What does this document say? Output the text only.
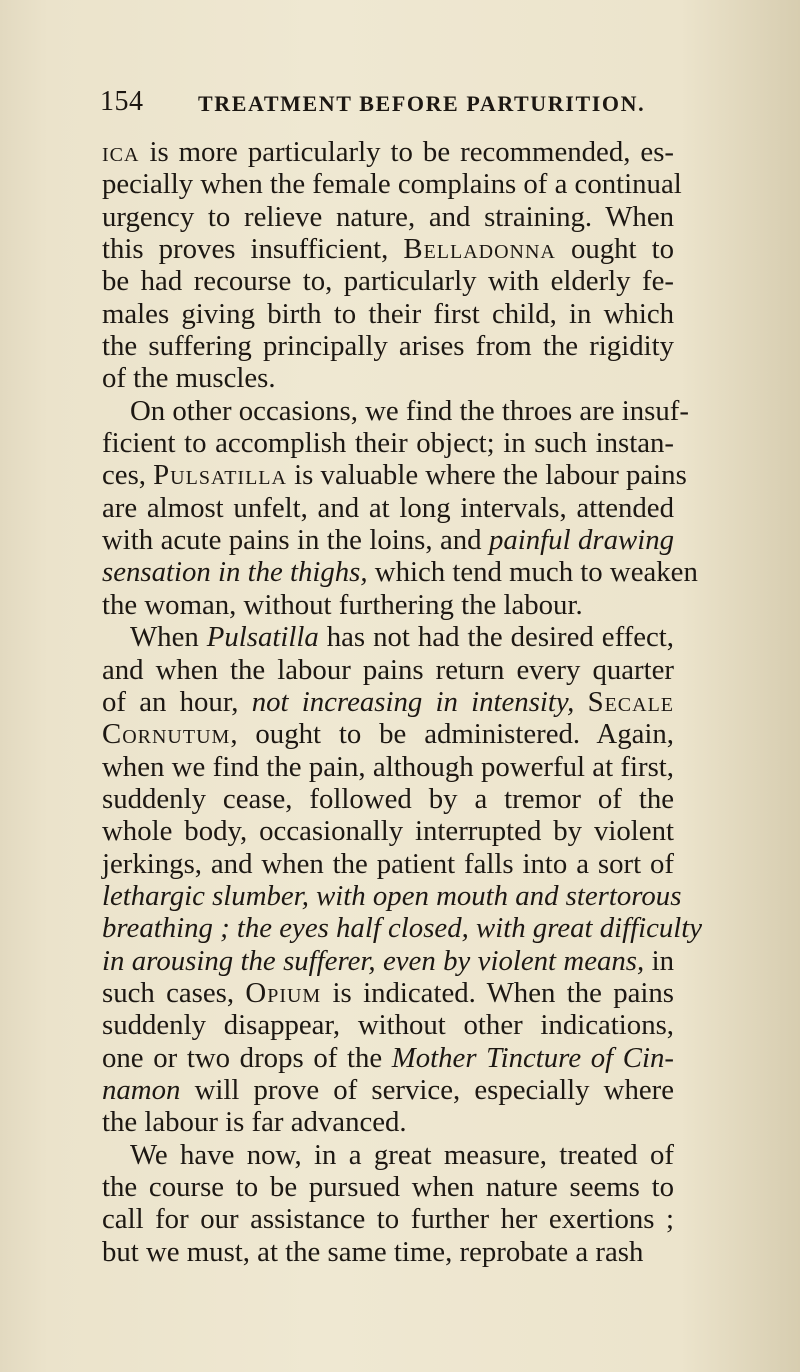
154 TREATMENT BEFORE PARTURITION.
ica is more particularly to be recommended, es-
pecially when the female complains of a continual
urgency to relieve nature, and straining. When
this proves insufficient, Belladonna ought to
be had recourse to, particularly with elderly fe-
males giving birth to their first child, in which
the suffering principally arises from the rigidity
of the muscles.
On other occasions, we find the throes are insuf-
ficient to accomplish their object; in such instan-
ces, Pulsatilla is valuable where the labour pains
are almost unfelt, and at long intervals, attended
with acute pains in the loins, and painful drawing
sensation in the thighs, which tend much to weaken
the woman, without furthering the labour.
When Pulsatilla has not had the desired effect,
and when the labour pains return every quarter
of an hour, not increasing in intensity, Secale
Cornutum, ought to be administered. Again,
when we find the pain, although powerful at first,
suddenly cease, followed by a tremor of the
whole body, occasionally interrupted by violent
jerkings, and when the patient falls into a sort of
lethargic slumber, with open mouth and stertorous
breathing ; the eyes half closed, with great difficulty
in arousing the sufferer, even by violent means, in
such cases, Opium is indicated. When the pains
suddenly disappear, without other indications,
one or two drops of the Mother Tincture of Cin-
namon will prove of service, especially where
the labour is far advanced.
We have now, in a great measure, treated of
the course to be pursued when nature seems to
call for our assistance to further her exertions ;
but we must, at the same time, reprobate a rash
